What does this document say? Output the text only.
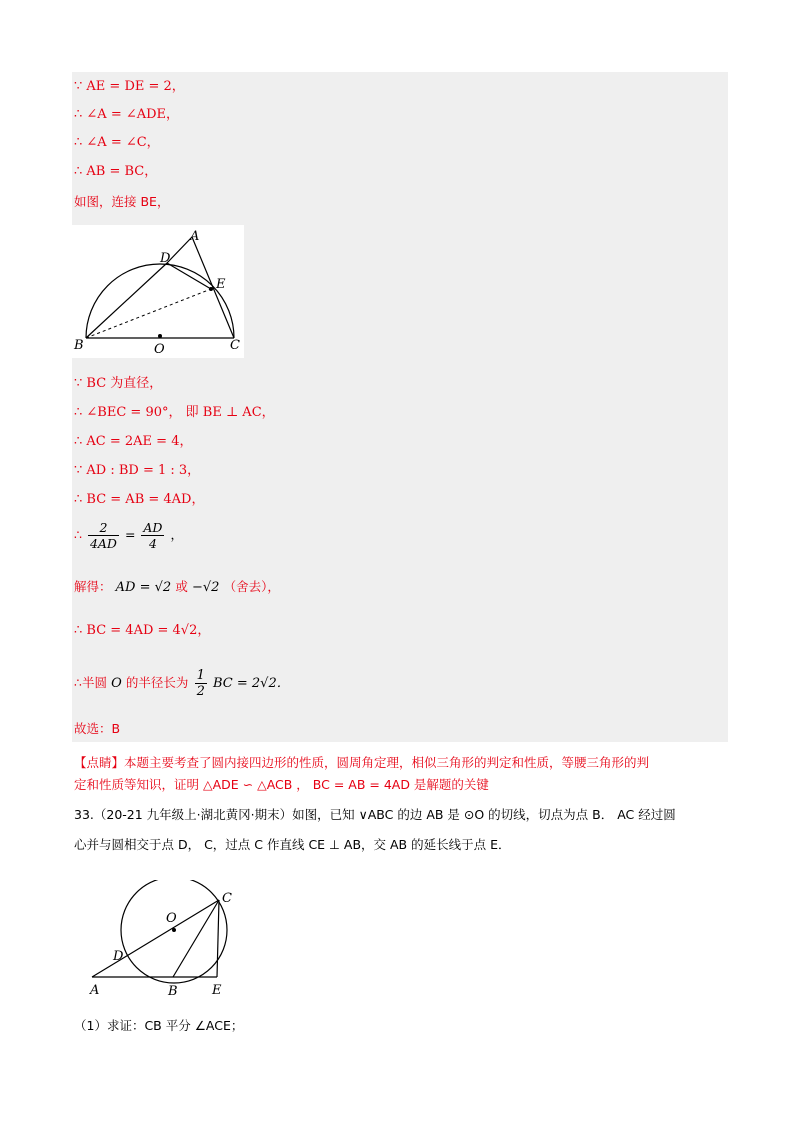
∵ AE = DE = 2，
∴ ∠A = ∠ADE，
∴ ∠A = ∠C，
∴ AB = BC，
如图，连接 BE，
A
D
E
B	O	C
∵ BC 为直径，
∴ ∠BEC = 90°， 即 BE ⊥ AC，
∴ AC = 2AE = 4，
∵ AD : BD = 1 : 3，
∴ BC = AB = 4AD，
∴ $\frac{2}{4AD} = \frac{AD}{4}$ ，
解得： AD = √2 或 −√2 （舍去），
∴ BC = 4AD = 4√2，
∴半圆 O 的半径长为 $\frac{1}{2}$ BC = 2√2．
故选：B
【点睛】本题主要考查了圆内接四边形的性质，圆周角定理，相似三角形的判定和性质，等腰三角形的判
定和性质等知识，证明 △ADE ∽ △ACB ， BC = AB = 4AD 是解题的关键
33.（20-21 九年级上·湖北黄冈·期末）如图，已知 ∨ABC 的边 AB 是 ⊙O 的切线，切点为点 B． AC 经过圆
心并与圆相交于点 D， C，过点 C 作直线 CE ⊥ AB，交 AB 的延长线于点 E．
O
C
D
A	B	E
（1）求证：CB 平分 ∠ACE；
